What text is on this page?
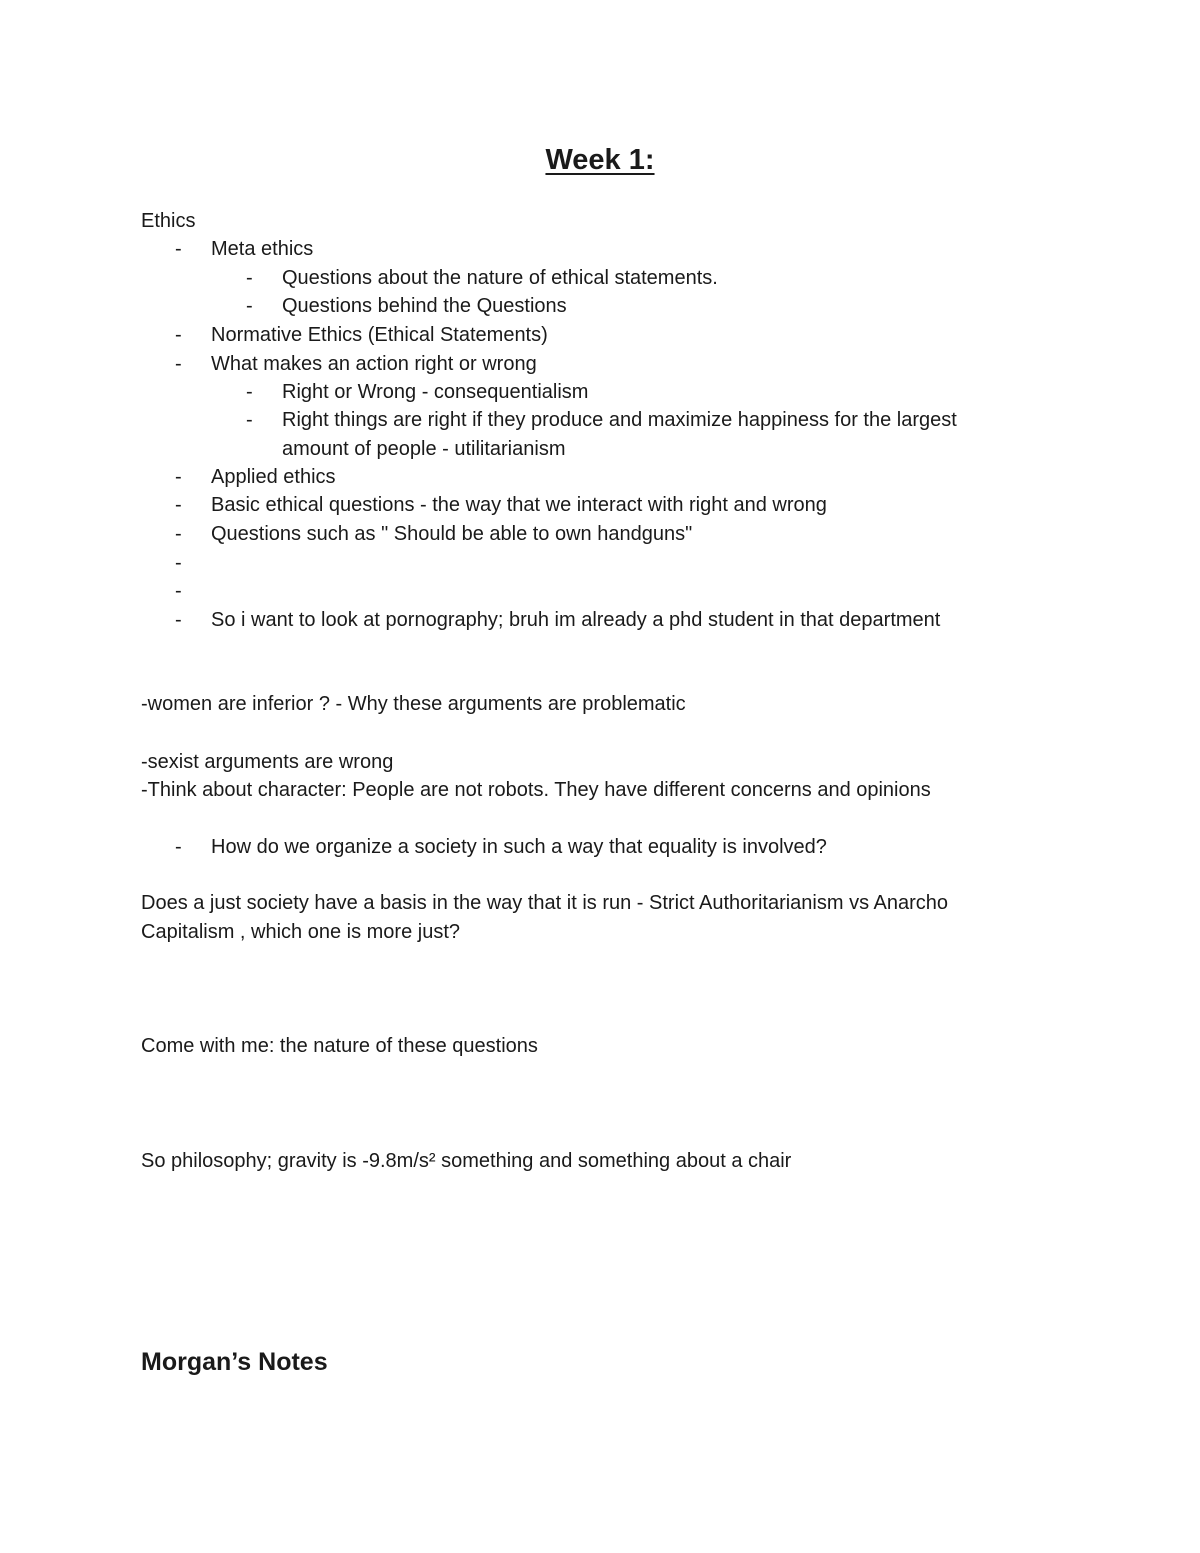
Week 1:
Ethics
- Meta ethics
- Questions about the nature of ethical statements.
- Questions behind the Questions
- Normative Ethics (Ethical Statements)
- What makes an action right or wrong
- Right or Wrong - consequentialism
- Right things are right if they produce and maximize happiness for the largest
amount of people - utilitarianism
- Applied ethics
- Basic ethical questions - the way that we interact with right and wrong
- Questions such as " Should be able to own handguns"
-
-
- So i want to look at pornography; bruh im already a phd student in that department
-women are inferior ? - Why these arguments are problematic
-sexist arguments are wrong
-Think about character: People are not robots. They have different concerns and opinions
- How do we organize a society in such a way that equality is involved?
Does a just society have a basis in the way that it is run - Strict Authoritarianism vs Anarcho
Capitalism , which one is more just?
Come with me: the nature of these questions
So philosophy; gravity is -9.8m/s² something and something about a chair
Morgan’s Notes
